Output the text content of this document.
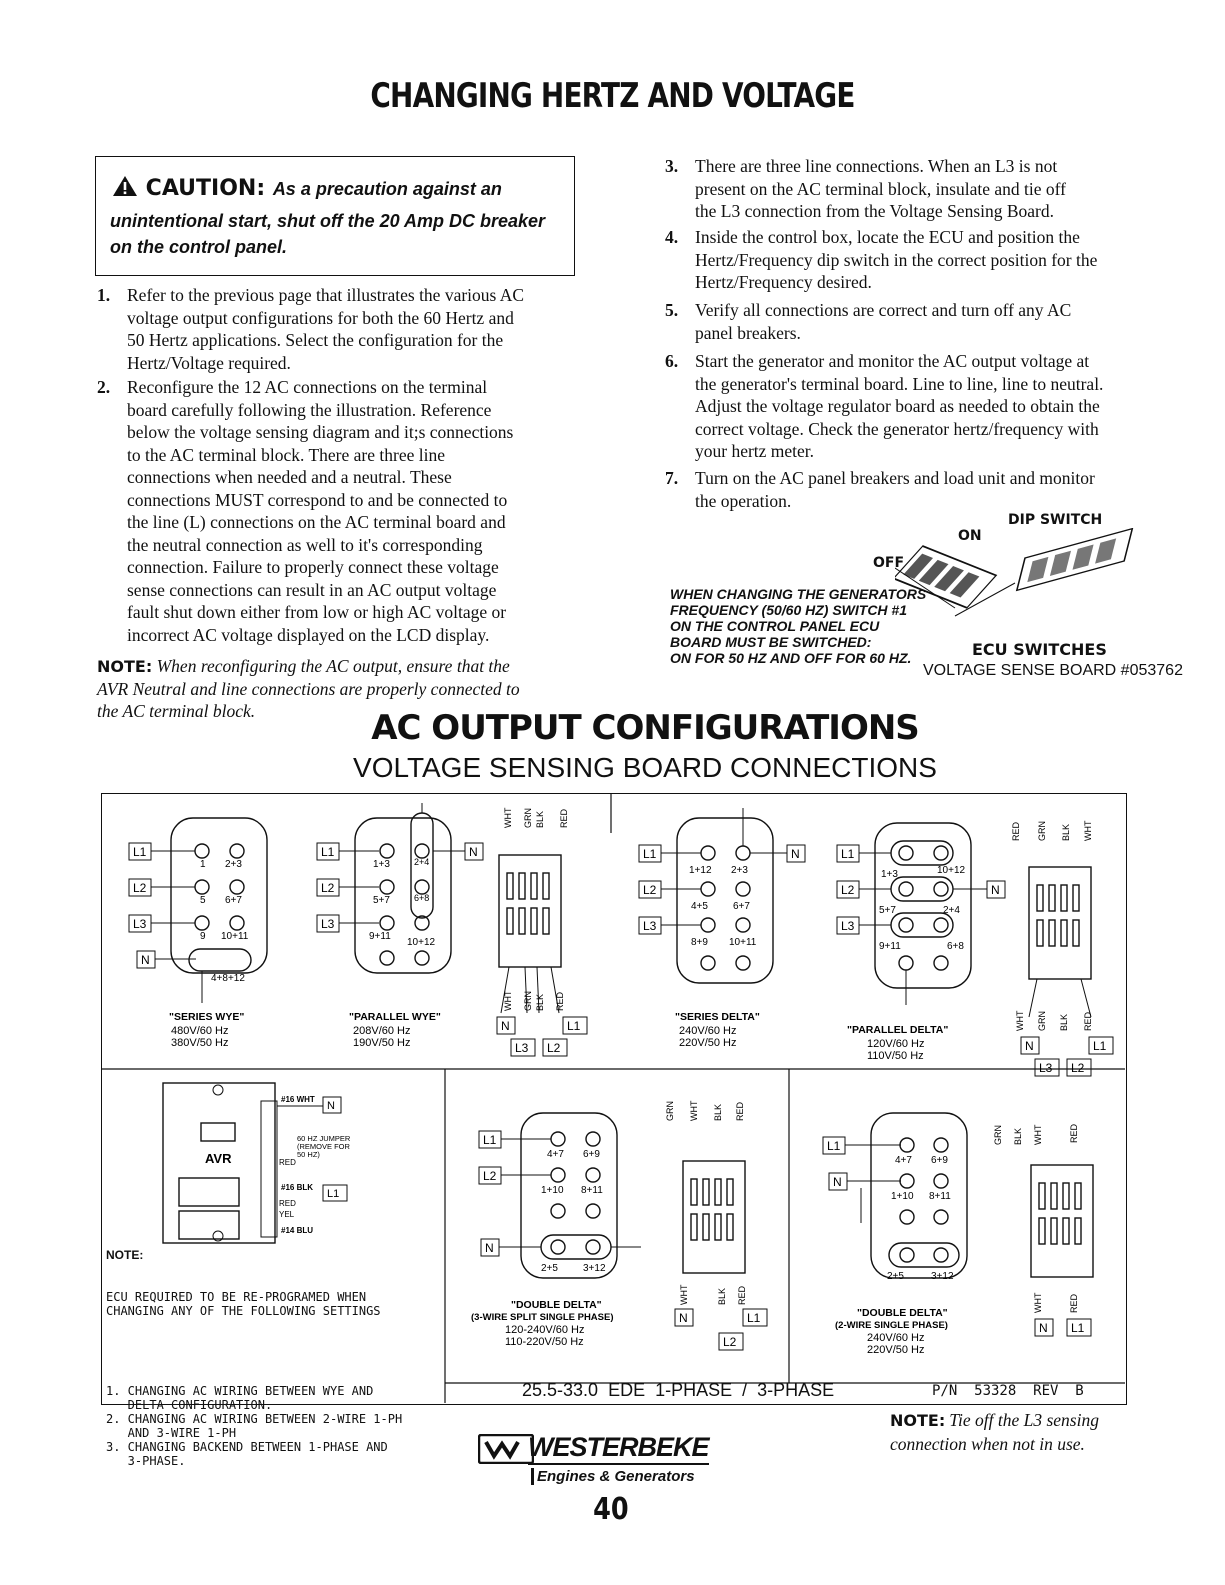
CHANGING HERTZ AND VOLTAGE
CAUTION: As a precaution against an
unintentional start, shut off the 20 Amp DC breaker
on the control panel.
1. Refer to the previous page that illustrates the various AC
voltage output configurations for both the 60 Hertz and
50 Hertz applications. Select the configuration for the
Hertz/Voltage required.
2. Reconfigure the 12 AC connections on the terminal
board carefully following the illustration. Reference
below the voltage sensing diagram and it;s connections
to the AC terminal block. There are three line
connections when needed and a neutral. These
connections MUST correspond to and be connected to
the line (L) connections on the AC terminal board and
the neutral connection as well to it's corresponding
connection. Failure to properly connect these voltage
sense connections can result in an AC output voltage
fault shut down either from low or high AC voltage or
incorrect AC voltage displayed on the LCD display.
NOTE: When reconfiguring the AC output, ensure that the
AVR Neutral and line connections are properly connected to
the AC terminal block.
3. There are three line connections. When an L3 is not
present on the AC terminal block, insulate and tie off
the L3 connection from the Voltage Sensing Board.
4. Inside the control box, locate the ECU and position the
Hertz/Frequency dip switch in the correct position for the
Hertz/Frequency desired.
5. Verify all connections are correct and turn off any AC
panel breakers.
6. Start the generator and monitor the AC output voltage at
the generator's terminal board. Line to line, line to neutral.
Adjust the voltage regulator board as needed to obtain the
correct voltage. Check the generator hertz/frequency with
your hertz meter.
7. Turn on the AC panel breakers and load unit and monitor
the operation.
DIP SWITCH
ON
OFF
WHEN CHANGING THE GENERATORS
FREQUENCY (50/60 HZ) SWITCH #1
ON THE CONTROL PANEL ECU
BOARD MUST BE SWITCHED:
ON FOR 50 HZ AND OFF FOR 60 HZ.	ECU SWITCHES
VOLTAGE SENSE BOARD #053762
AC OUTPUT CONFIGURATIONS
VOLTAGE SENSING BOARD CONNECTIONS
L1
L2
L3
N
1 2+3
5 6+7
9 10+11
4+8+12
"SERIES WYE"
480V/60 Hz
380V/50 Hz
L1
L2
L3
N
1+3	2+4
5+7	6+8
9+11
10+12
"PARALLEL WYE"
208V/60 Hz
190V/50 Hz
WHT GRN BLK RED
WHT GRN BLK RED
N	L1
L3 L2
L1
L2
L3
N
1+12 2+3
4+5	6+7
8+9 10+11
"SERIES DELTA"
240V/60 Hz
220V/50 Hz
L1
L2
L3
N
1+3	10+12
5+7	2+4
9+11	6+8
"PARALLEL DELTA"
120V/60 Hz
110V/50 Hz
RED GRN BLK WHT
WHT GRN BLK RED
N	L1
L3 L2
AVR
N
#16 WHT
60 HZ JUMPER
(REMOVE FOR
50 HZ)
RED
#16 BLK
L1
RED
YEL
#14 BLU
L1
L2
N
4+7 6+9
1+10 8+11
2+5	3+12
GRN WHT BLK RED
WHT	BLK RED
N	L1
L2
"DOUBLE DELTA"
(3-WIRE SPLIT SINGLE PHASE)
120-240V/60 Hz
110-220V/50 Hz
L1
N
4+7 6+9
1+10 8+11
2+5	3+12
GRN BLK WHT	RED
WHT	RED
N L1
"DOUBLE DELTA"
(2-WIRE SINGLE PHASE)
240V/60 Hz
220V/50 Hz
NOTE:

ECU REQUIRED TO BE RE-PROGRAMED WHEN
CHANGING ANY OF THE FOLLOWING SETTINGS

1. CHANGING AC WIRING BETWEEN WYE AND
DELTA CONFIGURATION.
2. CHANGING AC WIRING BETWEEN 2-WIRE 1-PH
AND 3-WIRE 1-PH
3. CHANGING BACKEND BETWEEN 1-PHASE AND
3-PHASE.

25.5-33.0  EDE  1-PHASE  /  3-PHASE	P/N  53328  REV  B
NOTE: Tie off the L3 sensing
connection when not in use.
WESTERBEKE
Engines & Generators
40
